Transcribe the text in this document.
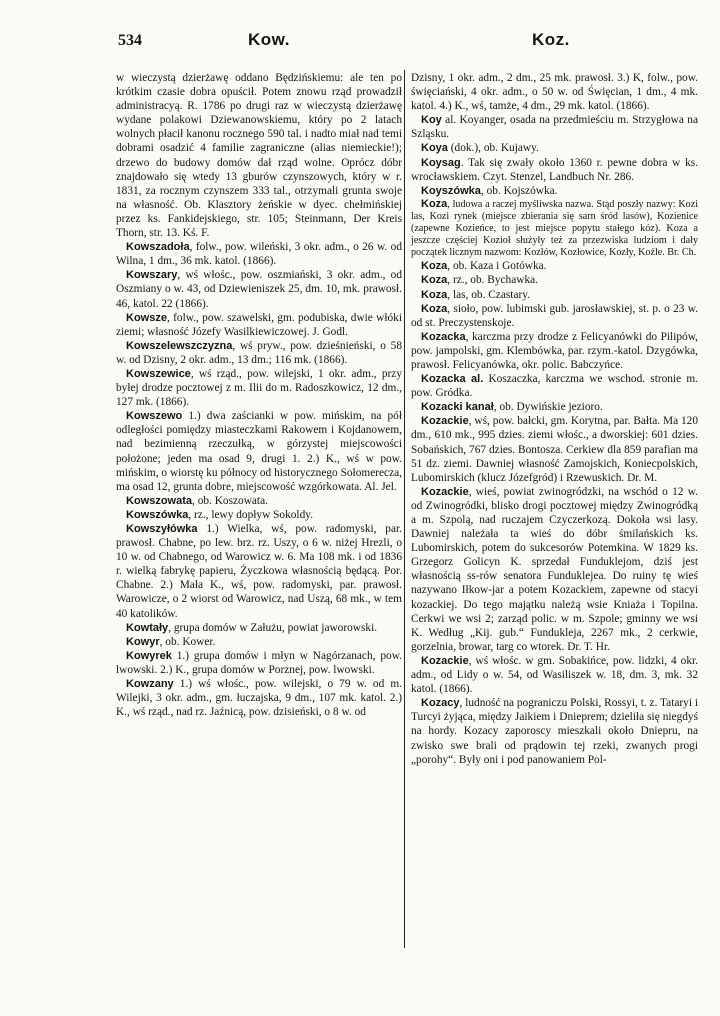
534	Kow.	Koz.

w wieczystą dzierżawę oddano Będzińskiemu: ale ten po krótkim czasie dobra opuścił. Potem znowu rząd prowadził administracyą. R. 1786 po drugi raz w wieczystą dzierżawę wydane polakowi Dziewanowskiemu, który po 2 latach wolnych płacił kanonu rocznego 590 tal. i nadto miał nad temi dobrami osadzić 4 familie zagraniczne (alias niemieckie!); drzewo do budowy domów dał rząd wolne. Oprócz dóbr znajdowało się wtedy 13 gburów czynszowych, który w r. 1831, za rocznym czynszem 333 tal., otrzymali grunta swoje na własność. Ob. Klasztory żeńskie w dyec. chełmińskiej przez ks. Fankidejskiego, str. 105; Steinmann, Der Kreis Thorn, str. 13. Kś. F.

Kowszadoła, folw., pow. wileński, 3 okr. adm., o 26 w. od Wilna, 1 dm., 36 mk. katol. (1866).

Kowszary, wś włośc., pow. oszmiański, 3 okr. adm., od Oszmiany o w. 43, od Dziewieniszek 25, dm. 10, mk. prawosł. 46, katol. 22 (1866).

Kowsze, folw., pow. szawelski, gm. podubiska, dwie włóki ziemi; własność Józefy Wasilkiewiczowej. J. Godl.

Kowszelewszczyzna, wś pryw., pow. dzieśnieński, o 58 w. od Dzisny, 2 okr. adm., 13 dm.; 116 mk. (1866).

Kowszewice, wś rząd., pow. wilejski, 1 okr. adm., przy byłej drodze pocztowej z m. Ilii do m. Radoszkowicz, 12 dm., 127 mk. (1866).

Kowszewo 1.) dwa zaścianki w pow. mińskim, na pół odległości pomiędzy miasteczkami Rakowem i Kojdanowem, nad bezimienną rzeczułką, w górzystej miejscowości położone; jeden ma osad 9, drugi 1. 2.) K., wś w pow. mińskim, o wiorstę ku północy od historycznego Sołomerecza, ma osad 12, grunta dobre, miejscowość wzgórkowata. Al. Jel.

Kowszowata, ob. Koszowata.

Kowszówka, rz., lewy dopływ Sokoldy.

Kowszyłówka 1.) Wielka, wś, pow. radomyski, par. prawosł. Chabne, po lew. brz. rz. Uszy, o 6 w. niżej Hrezli, o 10 w. od Chabnego, od Warowicz w. 6. Ma 108 mk. i od 1836 r. wielką fabrykę papieru, Życzkowa własnością będącą. Por. Chabne. 2.) Mała K., wś, pow. radomyski, par. prawosł. Warowicze, o 2 wiorst od Warowicz, nad Uszą, 68 mk., w tem 40 katolików.

Kowtały, grupa domów w Załużu, powiat jaworowski.

Kowyr, ob. Kower.

Kowyrek 1.) grupa domów i młyn w Nagórzanach, pow. lwowski. 2.) K., grupa domów w Porznej, pow. lwowski.

Kowzany 1.) wś włośc., pow. wilejski, o 79 w. od m. Wilejki, 3 okr. adm., gm. łuczajska, 9 dm., 107 mk. katol. 2.) K., wś rząd., nad rz. Jaźnicą, pow. dzisieński, o 8 w. od

Dzisny, 1 okr. adm., 2 dm., 25 mk. prawosł. 3.) K, folw., pow. święciański, 4 okr. adm., o 50 w. od Święcian, 1 dm., 4 mk. katol. 4.) K., wś, tamże, 4 dm., 29 mk. katol. (1866).

Koy al. Koyanger, osada na przedmieściu m. Strzygłowa na Szląsku.

Koya (dok.), ob. Kujawy.

Koysag. Tak się zwały około 1360 r. pewne dobra w ks. wrocławskiem. Czyt. Stenzel, Landbuch Nr. 286.

Koyszówka, ob. Kojszówka.

Koza, ludowa a raczej myśliwska nazwa. Stąd poszły nazwy: Kozi las, Kozi rynek (miejsce zbierania się sarn śród lasów), Kozienice (zapewne Kozieńce, to jest miejsce popytu stałego kóz). Koza a jeszcze częściej Kozioł służyły też za przezwiska ludziom i dały początek licznym nazwom: Kozłów, Kozłowice, Kozły, Koźle. Br. Ch.

Koza, ob. Kaza i Gotówka.

Koza, rz., ob. Bychawka.

Koza, las, ob. Czastary.

Koza, sioło, pow. lubimski gub. jarosławskiej, st. p. o 23 w. od st. Preczystenskoje.

Kozacka, karczma przy drodze z Felicyanówki do Pilipów, pow. jampolski, gm. Klembówka, par. rzym.-katol. Dzygówka, prawosł. Felicyanówka, okr. polic. Babczyńce.

Kozacka al. Koszaczka, karczma we wschod. stronie m. pow. Gródka.

Kozacki kanał, ob. Dywińskie jezioro.

Kozackie, wś, pow. bałcki, gm. Korytna, par. Bałta. Ma 120 dm., 610 mk., 995 dzies. ziemi włośc., a dworskiej: 601 dzies. Sobańskich, 767 dzies. Bontosza. Cerkiew dla 859 parafian ma 51 dz. ziemi. Dawniej własność Zamojskich, Koniecpolskich, Lubomirskich (klucz Józefgród) i Rzewuskich. Dr. M.

Kozackie, wieś, powiat zwinogródzki, na wschód o 12 w. od Zwinogródki, blisko drogi pocztowej między Zwinogródką a m. Szpolą, nad ruczajem Czyczerkozą. Dokoła wsi lasy. Dawniej należała ta wieś do dóbr śmilańskich ks. Lubomirskich, potem do sukcesorów Potemkina. W 1829 ks. Grzegorz Golicyn K. sprzedał Funduklejom, dziś jest własnością ss-rów senatora Funduklejea. Do ruiny tę wieś nazywano Iłkow-jar a potem Kozackiem, zapewne od stacyi kozackiej. Do tego majątku należą wsie Kniaża i Topilna. Cerkwi we wsi 2; zarząd polic. w m. Szpole; gminny we wsi K. Według „Kij. gub.“ Fundukleja, 2267 mk., 2 cerkwie, gorzelnia, browar, targ co wtorek. Dr. T. Hr.

Kozackie, wś włośc. w gm. Sobakińce, pow. lidzki, 4 okr. adm., od Lidy o w. 54, od Wasiliszek w. 18, dm. 3, mk. 32 katol. (1866).

Kozacy, ludność na pograniczu Polski, Rossyi, t. z. Tataryi i Turcyi żyjąca, między Jaikiem i Dnieprem; dzieliła się niegdyś na hordy. Kozacy zaporoscy mieszkali około Dniepru, na zwisko swe brali od prądowin tej rzeki, zwanych progi „porohy“. Były oni i pod panowaniem Pol-
